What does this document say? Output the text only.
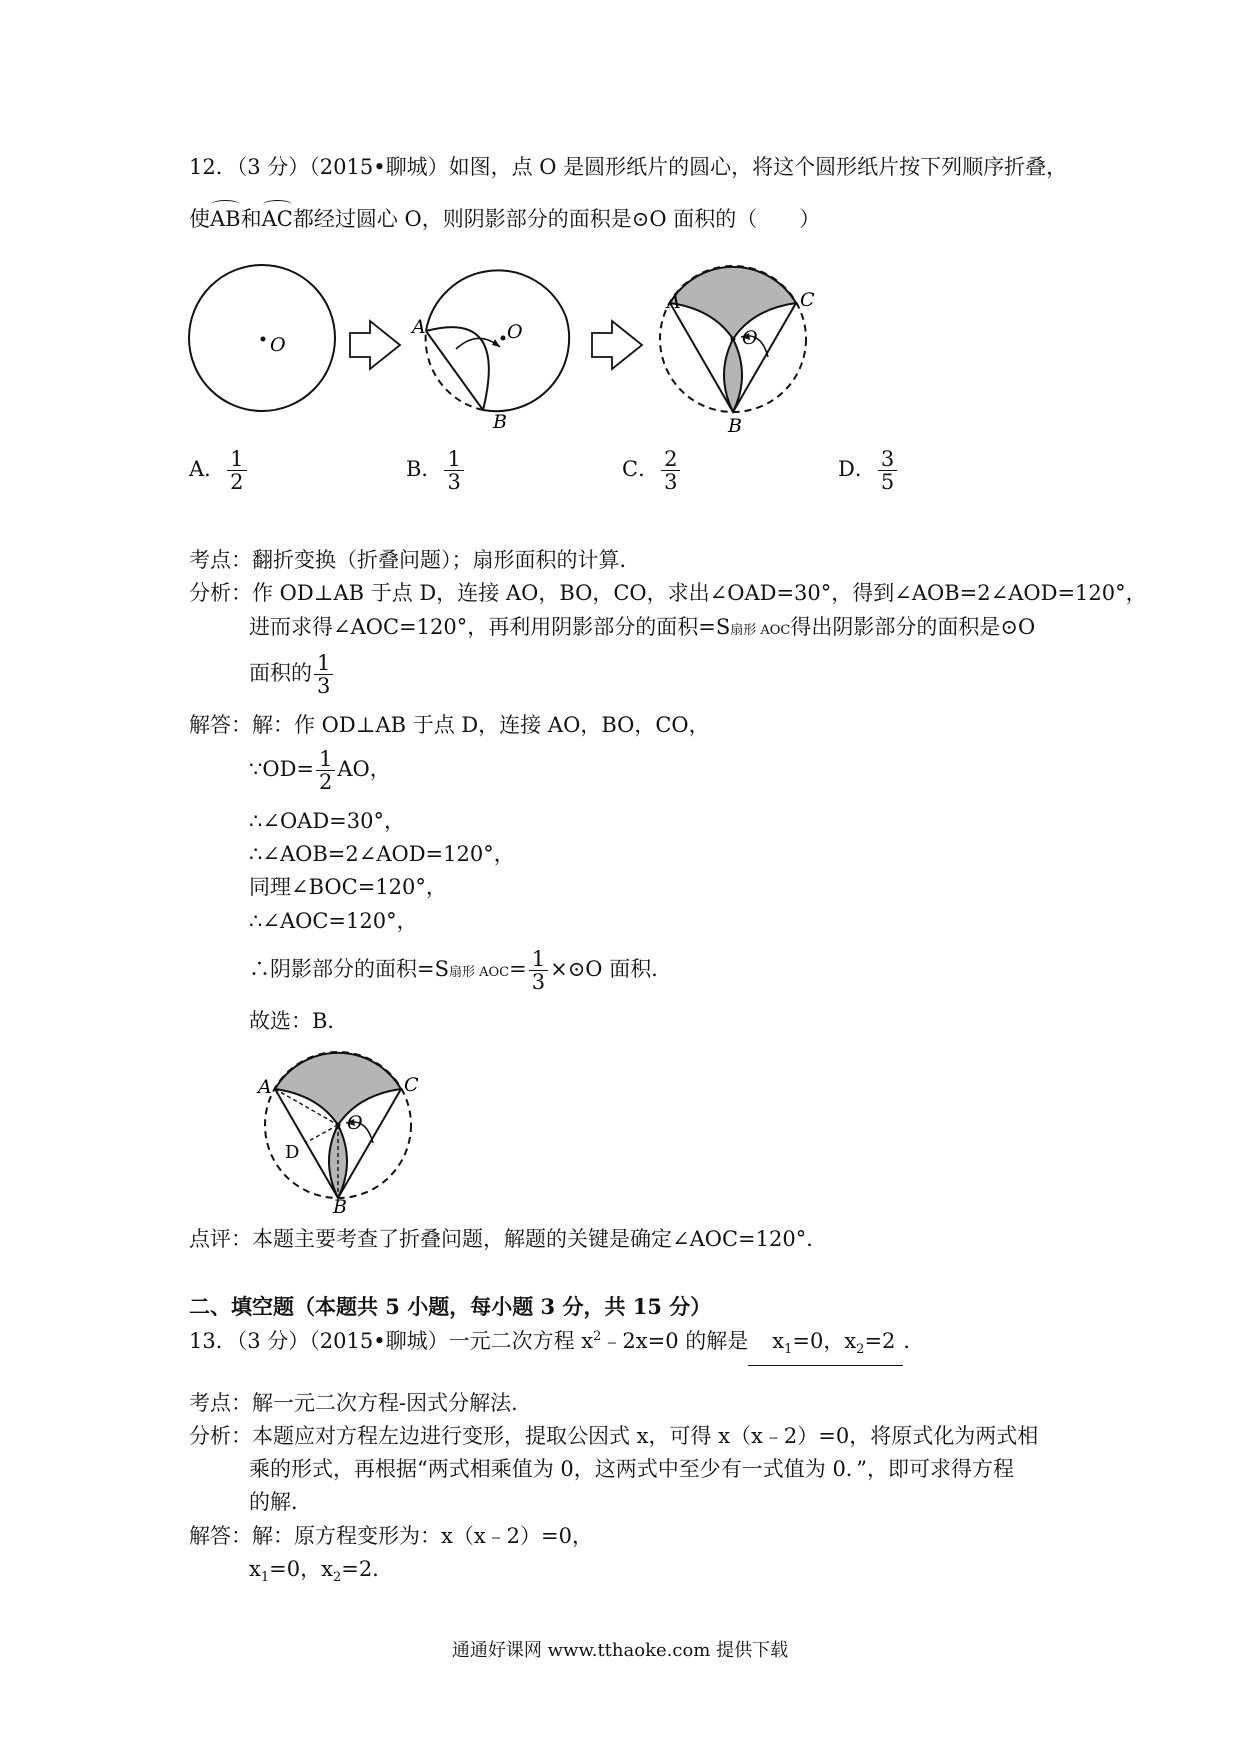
12．（3 分）（2015•聊城）如图，点 O 是圆形纸片的圆心，将这个圆形纸片按下列顺序折叠，
使AB和AC都经过圆心 O，则阴影部分的面积是⊙O 面积的（　　）
O
O
A
B
A	C
O
B
A． $\frac{1}{2}$	B． $\frac{1}{3}$	C． $\frac{2}{3}$	D． $\frac{3}{5}$
考点：翻折变换（折叠问题）；扇形面积的计算．
分析：作 OD⊥AB 于点 D，连接 AO，BO，CO，求出∠OAD=30°，得到∠AOB=2∠AOD=120°，
进而求得∠AOC=120°，再利用阴影部分的面积=S扇形 AOC得出阴影部分的面积是⊙O
面积的 $\frac{1}{3}$
解答：解：作 OD⊥AB 于点 D，连接 AO，BO，CO，
∵OD= $\frac{1}{2}$ AO，
∴∠OAD=30°，
∴∠AOB=2∠AOD=120°，
同理∠BOC=120°，
∴∠AOC=120°，
∴阴影部分的面积=S扇形 $AOC= \frac{1}{3}$ ×⊙O 面积．
故选：B．
A	C
O
B
D
点评：本题主要考查了折叠问题，解题的关键是确定∠AOC=120°．
二、填空题（本题共 5 小题，每小题 3 分，共 15 分）
13．（3 分）（2015•聊城）一元二次方程 $x^2﹣2x=0$ 的解是 $x_1=0$，$x_2=2$ ．
考点：解一元二次方程-因式分解法．
分析：本题应对方程左边进行变形，提取公因式 x，可得 x（x﹣2）=0，将原式化为两式相
乘的形式，再根据“两式相乘值为 0，这两式中至少有一式值为 0．”，即可求得方程
的解．
解答：解：原方程变形为：x（x﹣2）=0，
$x_1=0$，$x_2=2$.
通通好课网 www.tthaoke.com 提供下载
